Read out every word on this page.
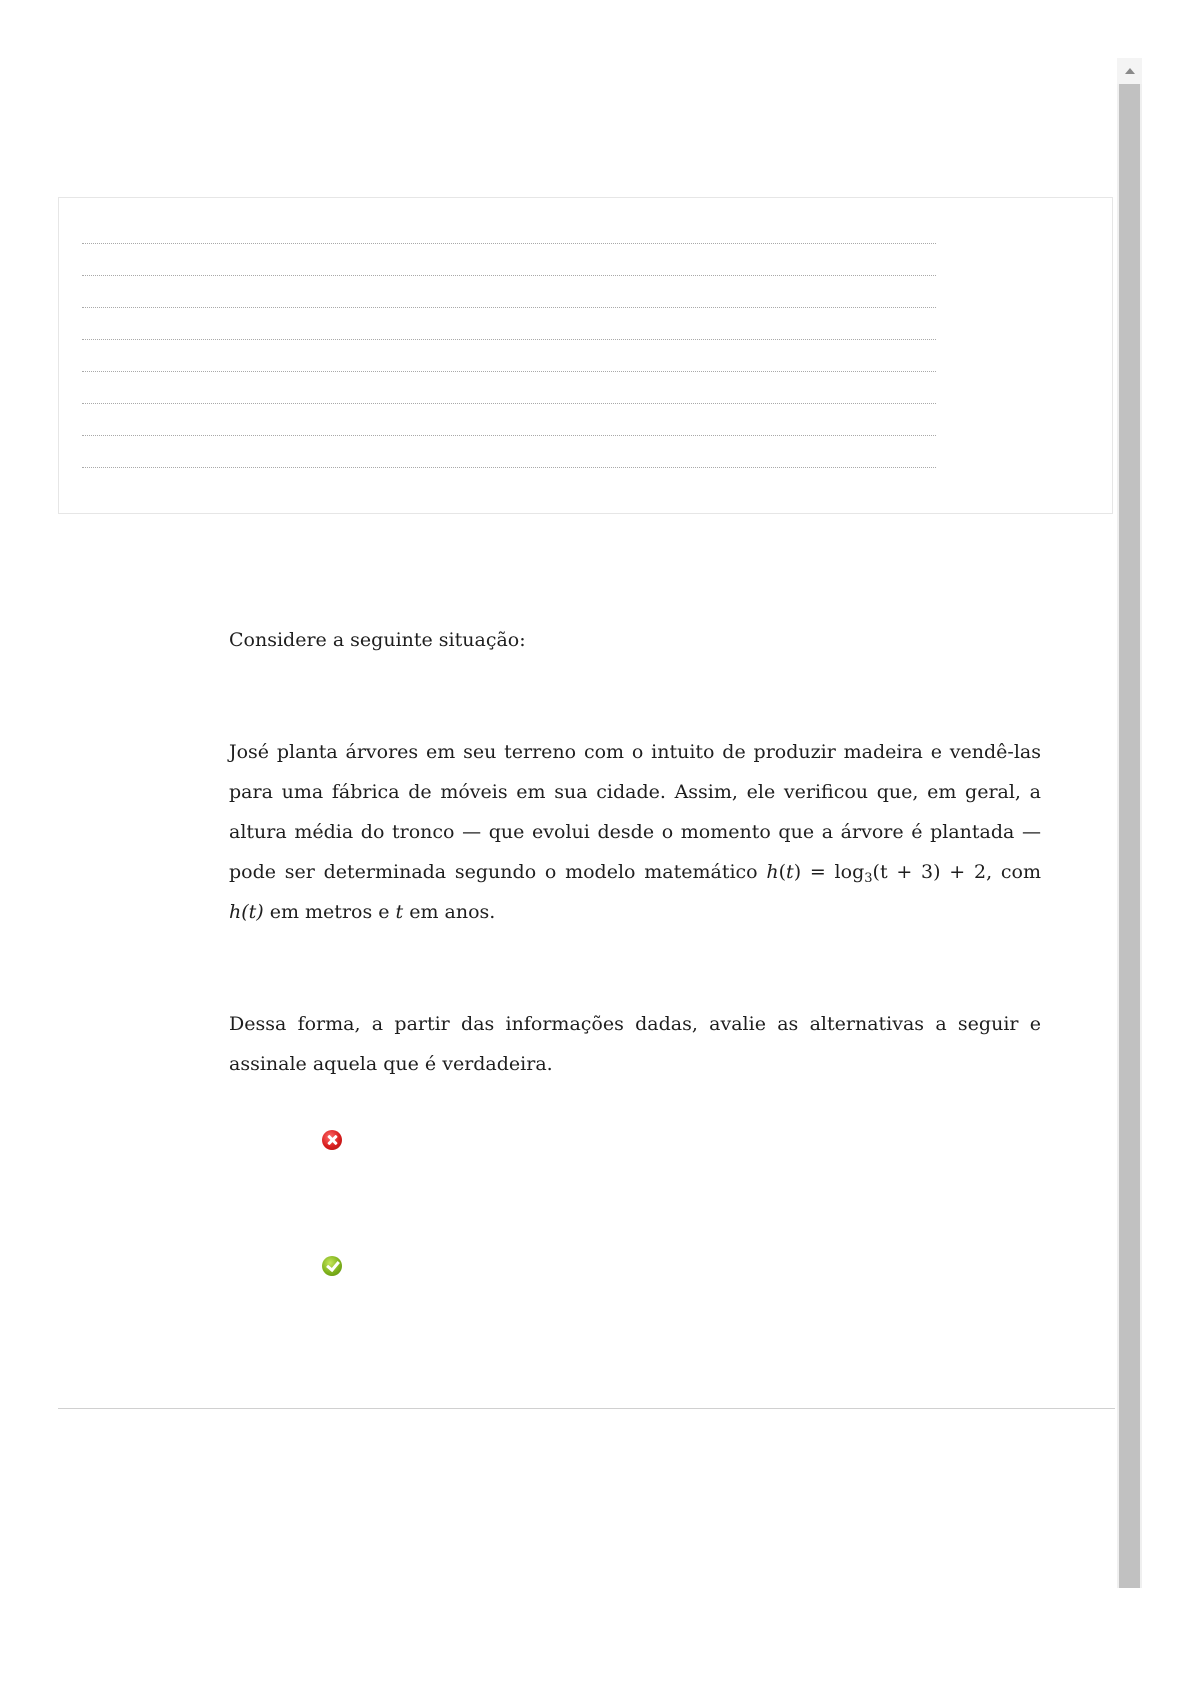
Considere a seguinte situação:

José planta árvores em seu terreno com o intuito de produzir madeira e vendê-las para uma fábrica de móveis em sua cidade. Assim, ele verificou que, em geral, a altura média do tronco — que evolui desde o momento que a árvore é plantada — pode ser determinada segundo o modelo matemático $h(t) = \log_3(t + 3) + 2$, com h(t) em metros e t em anos.

Dessa forma, a partir das informações dadas, avalie as alternativas a seguir e assinale aquela que é verdadeira.
